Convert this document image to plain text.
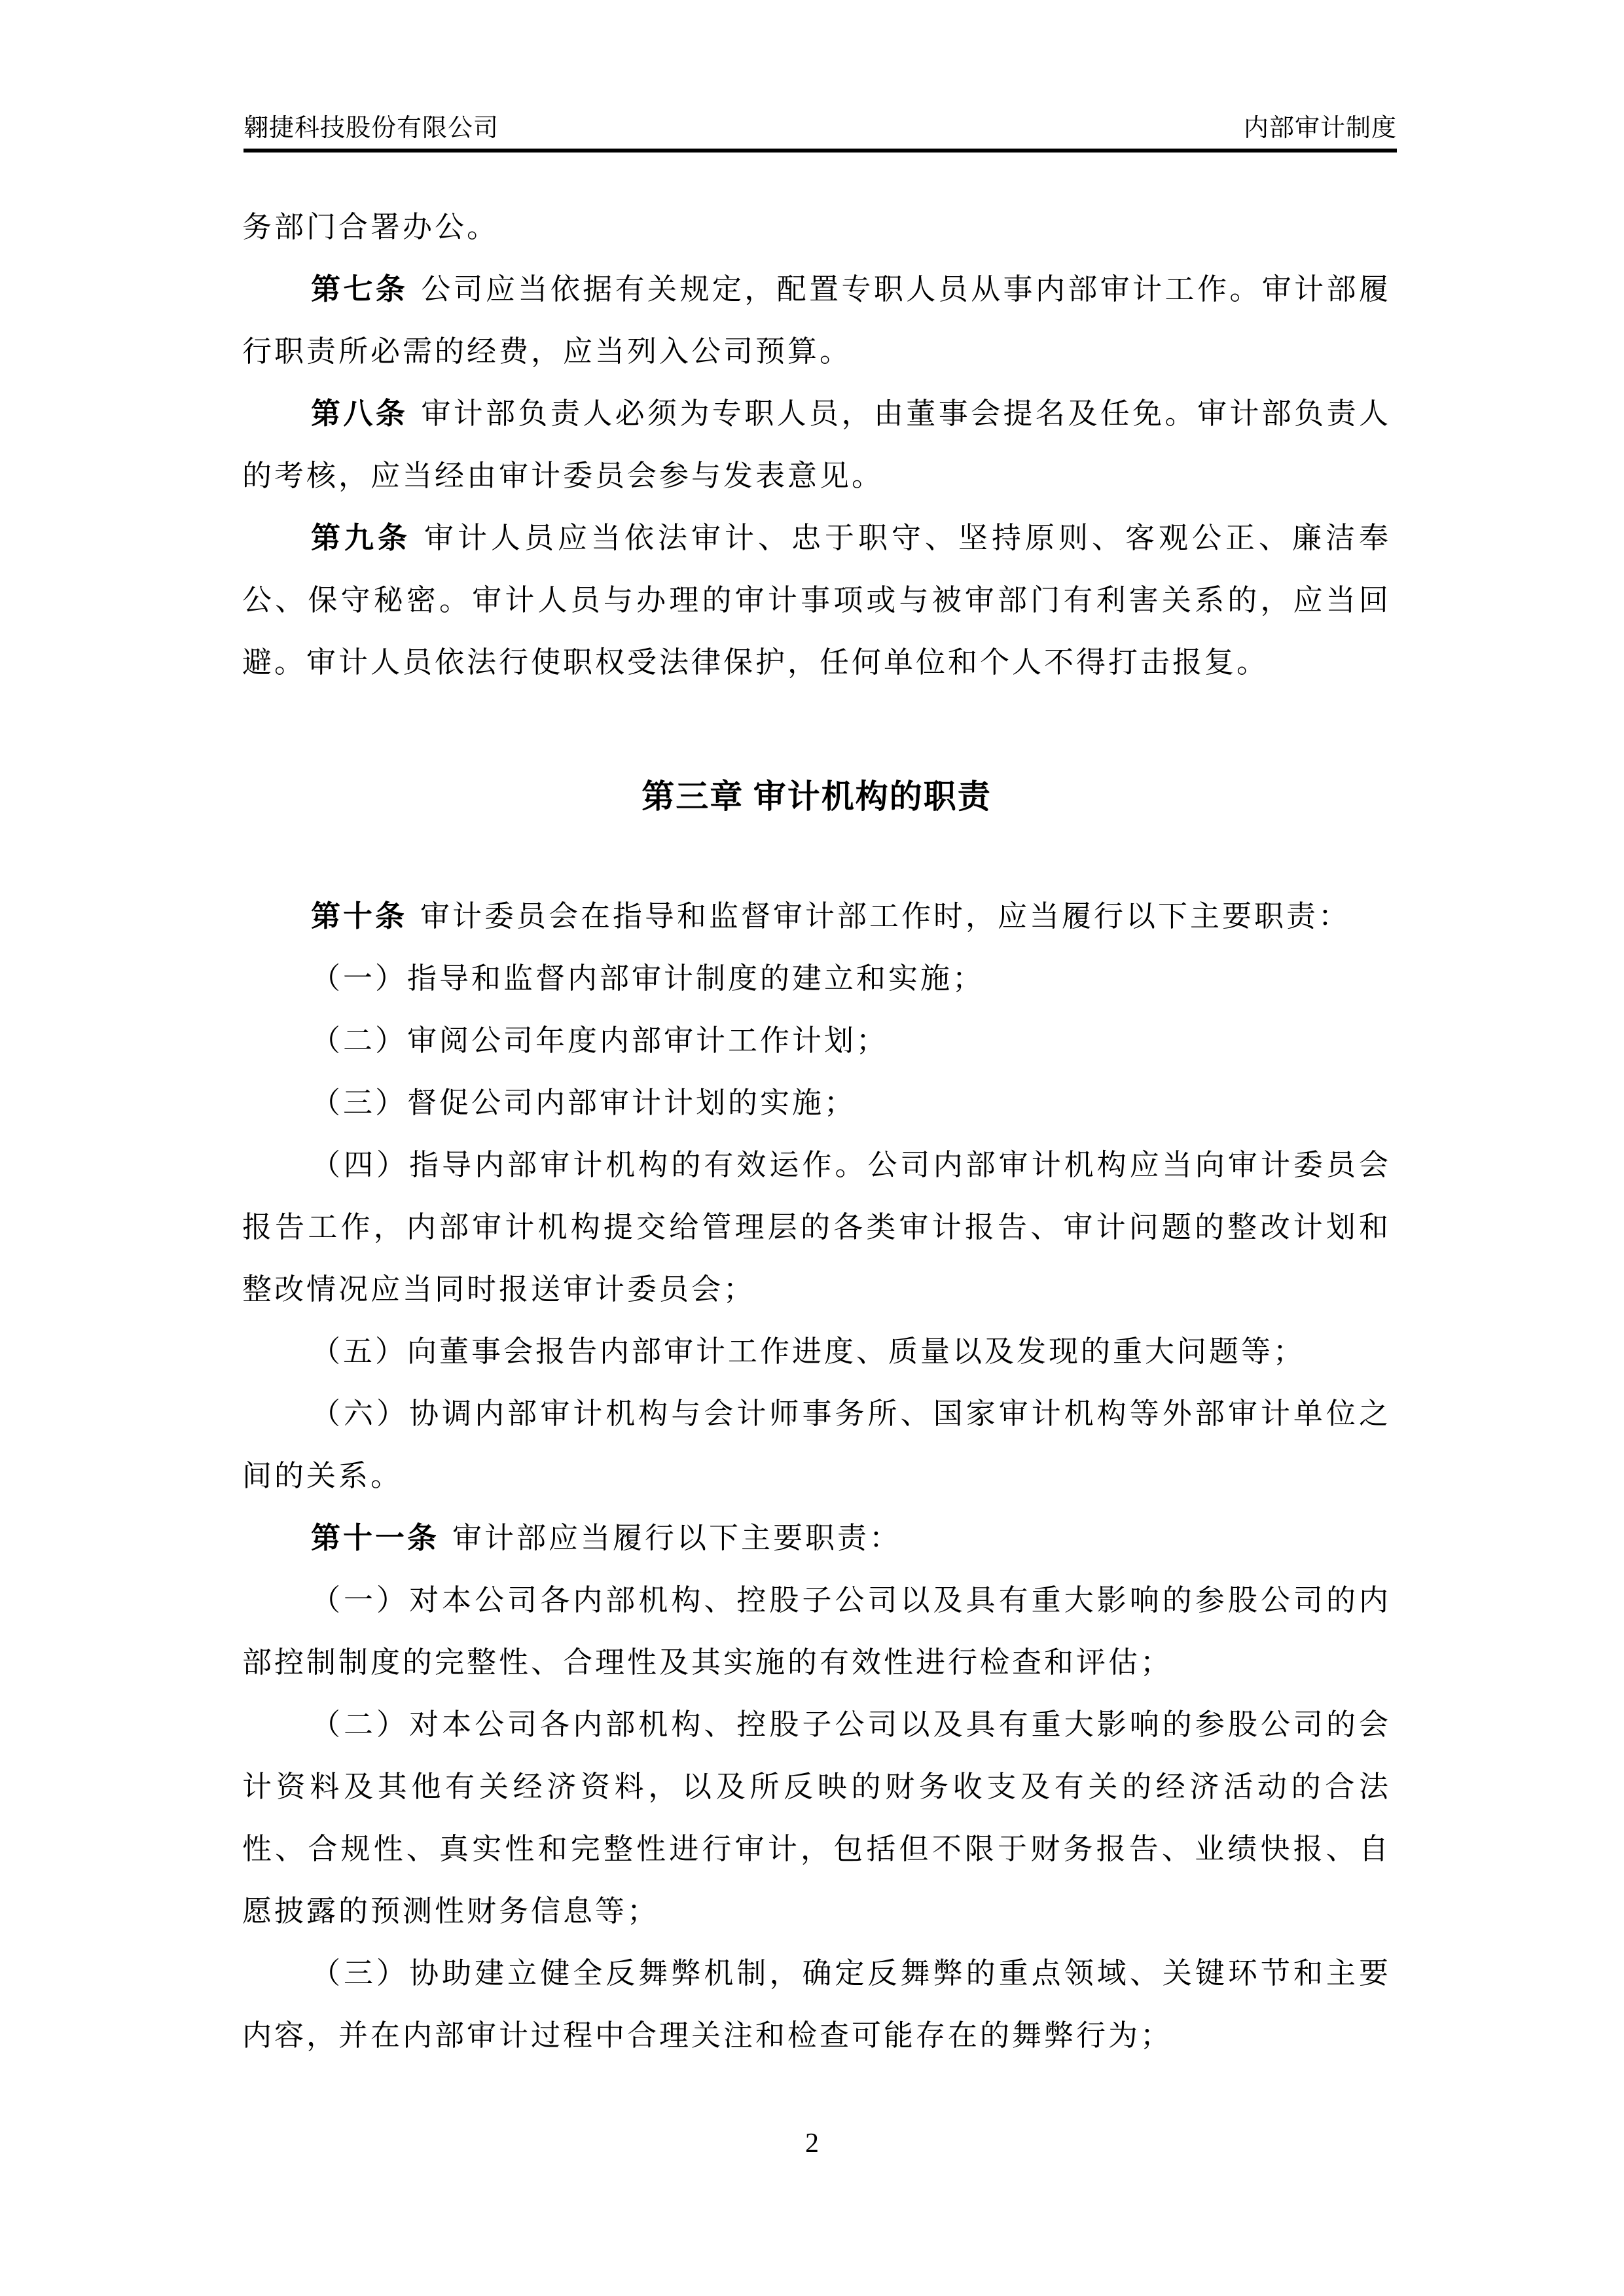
翱捷科技股份有限公司	内部审计制度

务部门合署办公。

第七条 公司应当依据有关规定，配置专职人员从事内部审计工作。审计部履行职责所必需的经费，应当列入公司预算。

第八条 审计部负责人必须为专职人员，由董事会提名及任免。审计部负责人的考核，应当经由审计委员会参与发表意见。

第九条 审计人员应当依法审计、忠于职守、坚持原则、客观公正、廉洁奉公、保守秘密。审计人员与办理的审计事项或与被审部门有利害关系的，应当回避。审计人员依法行使职权受法律保护，任何单位和个人不得打击报复。

第三章 审计机构的职责

第十条 审计委员会在指导和监督审计部工作时，应当履行以下主要职责：

（一）指导和监督内部审计制度的建立和实施；

（二）审阅公司年度内部审计工作计划；

（三）督促公司内部审计计划的实施；

（四）指导内部审计机构的有效运作。公司内部审计机构应当向审计委员会报告工作，内部审计机构提交给管理层的各类审计报告、审计问题的整改计划和整改情况应当同时报送审计委员会；

（五）向董事会报告内部审计工作进度、质量以及发现的重大问题等；

（六）协调内部审计机构与会计师事务所、国家审计机构等外部审计单位之间的关系。

第十一条 审计部应当履行以下主要职责：

（一）对本公司各内部机构、控股子公司以及具有重大影响的参股公司的内部控制制度的完整性、合理性及其实施的有效性进行检查和评估；

（二）对本公司各内部机构、控股子公司以及具有重大影响的参股公司的会计资料及其他有关经济资料，以及所反映的财务收支及有关的经济活动的合法性、合规性、真实性和完整性进行审计，包括但不限于财务报告、业绩快报、自愿披露的预测性财务信息等；

（三）协助建立健全反舞弊机制，确定反舞弊的重点领域、关键环节和主要内容，并在内部审计过程中合理关注和检查可能存在的舞弊行为；

2
